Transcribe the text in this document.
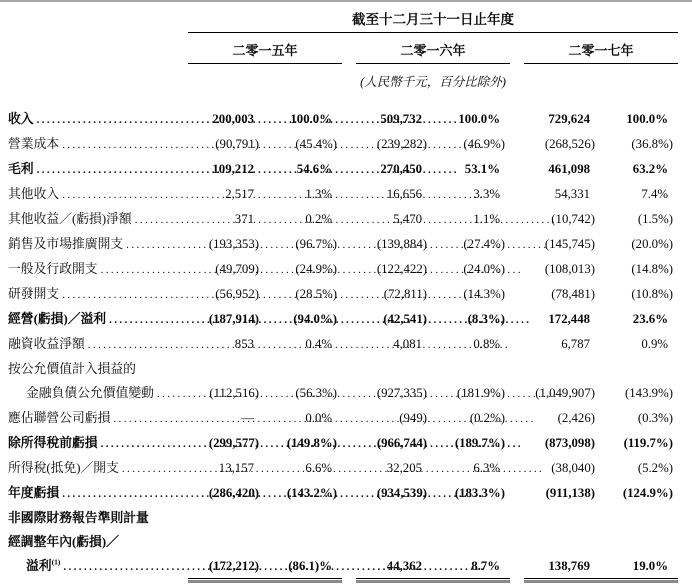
截至十二月三十一日止年度
二零一五年	二零一六年	二零一七年
(人民幣千元，百分比除外)
收入 .....	200,003	100.0%	509,732	100.0%	729,624	100.0%
營業成本 .....	(90,791)	(45.4%)	(239,282)	(46.9%)	(268,526)	(36.8%)
毛利 .....	109,212	54.6%	270,450	53.1%	461,098	63.2%
其他收入 .....	2,517	1.3%	16,656	3.3%	54,331	7.4%
其他收益／(虧損)淨額 .....	371	0.2%	5,470	1.1%	(10,742)	(1.5%)
銷售及市場推廣開支 .....	(193,353)	(96.7%)	(139,884)	(27.4%)	(145,745)	(20.0%)
一般及行政開支 .....	(49,709)	(24.9%)	(122,422)	(24.0%)	(108,013)	(14.8%)
研發開支 .....	(56,952)	(28.5%)	(72,811)	(14.3%)	(78,481)	(10.8%)
經營(虧損)／溢利 .....	(187,914)	(94.0%)	(42,541)	(8.3%)	172,448	23.6%
融資收益淨額 .....	853	0.4%	4,081	0.8%	6,787	0.9%
按公允價值計入損益的
金融負債公允價值變動 .....	(112,516)	(56.3%)	(927,335)	(181.9%)	(1,049,907)	(143.9%)
應佔聯營公司虧損 .....	—	0.0%	(949)	(0.2%)	(2,426)	(0.3%)
除所得稅前虧損 .....	(299,577)	(149.8%)	(966,744)	(189.7%)	(873,098)	(119.7%)
所得稅(抵免)／開支 .....	13,157	6.6%	32,205	6.3%	(38,040)	(5.2%)
年度虧損 .....	(286,420)	(143.2%)	(934,539)	(183.3%)	(911,138)	(124.9%)
非國際財務報告準則計量
經調整年內(虧損)／
溢利$^{(1)}$ .....	(172,212)	(86.1)%	44,362	8.7%	138,769	19.0%
